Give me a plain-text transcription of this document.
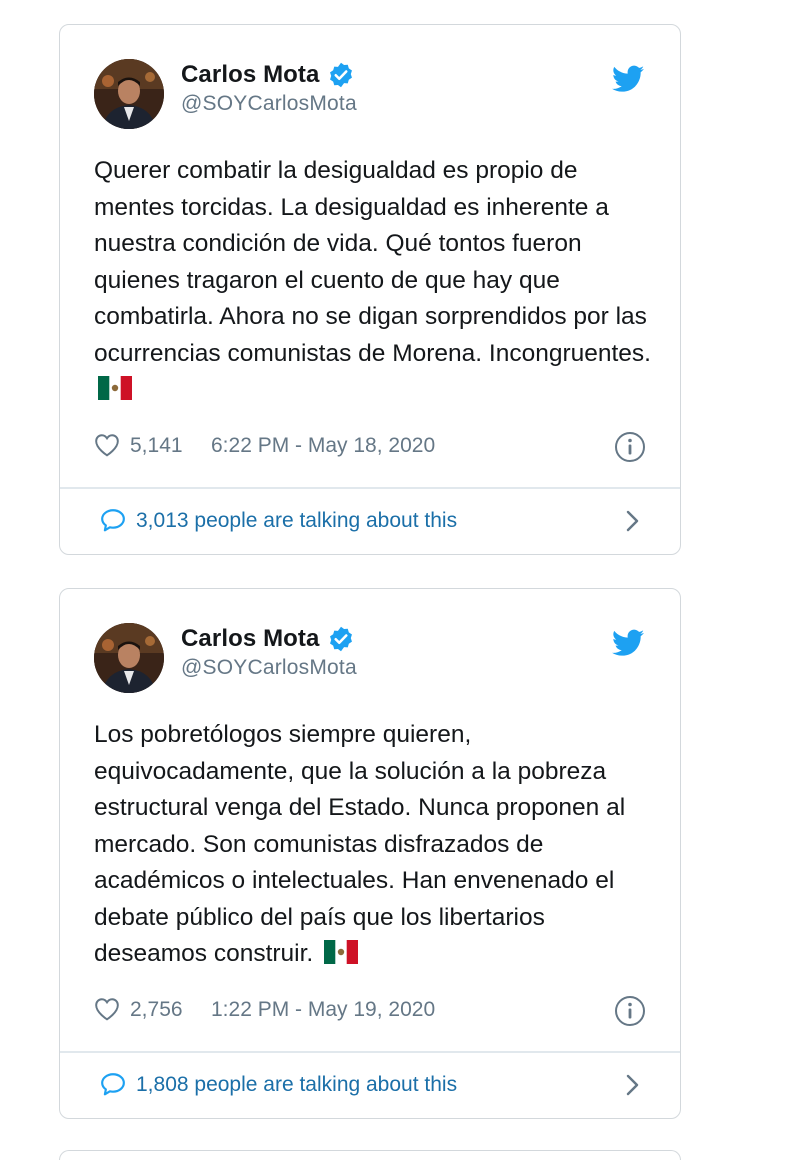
Carlos Mota
@SOYCarlosMota
Querer combatir la desigualdad es propio de mentes torcidas. La desigualdad es inherente a nuestra condición de vida. Qué tontos fueron quienes tragaron el cuento de que hay que combatirla. Ahora no se digan sorprendidos por las ocurrencias comunistas de Morena. Incongruentes.
5,141 6:22 PM - May 18, 2020
3,013 people are talking about this
Carlos Mota
@SOYCarlosMota
Los pobretólogos siempre quieren, equivocadamente, que la solución a la pobreza estructural venga del Estado. Nunca proponen al mercado. Son comunistas disfrazados de académicos o intelectuales. Han envenenado el debate público del país que los libertarios deseamos construir.
2,756 1:22 PM - May 19, 2020
1,808 people are talking about this
